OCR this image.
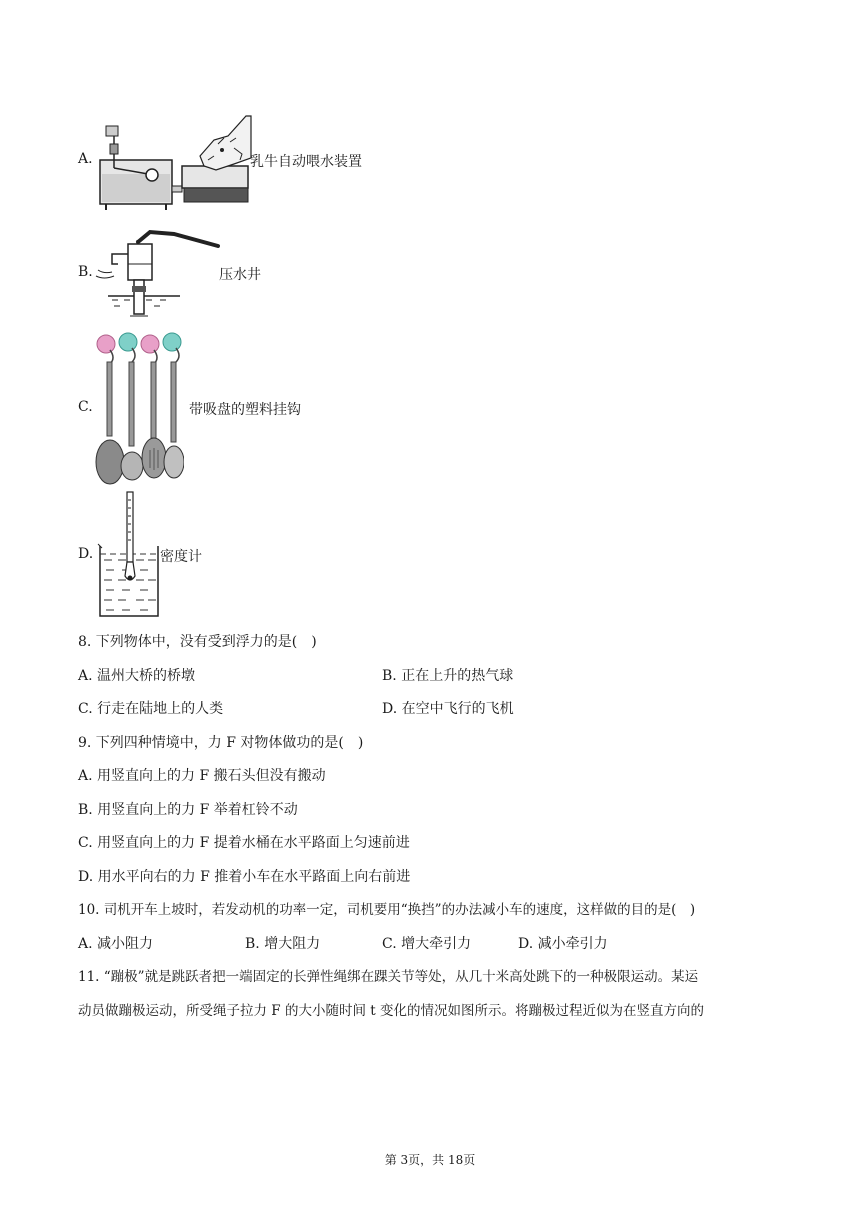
A.	乳牛自动喂水装置
B.	压水井
C.	带吸盘的塑料挂钩
D.	密度计
8. 下列物体中，没有受到浮力的是(　)
A. 温州大桥的桥墩	B. 正在上升的热气球
C. 行走在陆地上的人类	D. 在空中飞行的飞机
9. 下列四种情境中，力 F 对物体做功的是(　)
A. 用竖直向上的力 F 搬石头但没有搬动
B. 用竖直向上的力 F 举着杠铃不动
C. 用竖直向上的力 F 提着水桶在水平路面上匀速前进
D. 用水平向右的力 F 推着小车在水平路面上向右前进
10. 司机开车上坡时，若发动机的功率一定，司机要用“换挡”的办法减小车的速度，这样做的目的是(　)
A. 减小阻力	B. 增大阻力	C. 增大牵引力	D. 减小牵引力
11. “蹦极”就是跳跃者把一端固定的长弹性绳绑在踝关节等处，从几十米高处跳下的一种极限运动。某运
动员做蹦极运动，所受绳子拉力 F 的大小随时间 t 变化的情况如图所示。将蹦极过程近似为在竖直方向的
第 3页，共 18页
